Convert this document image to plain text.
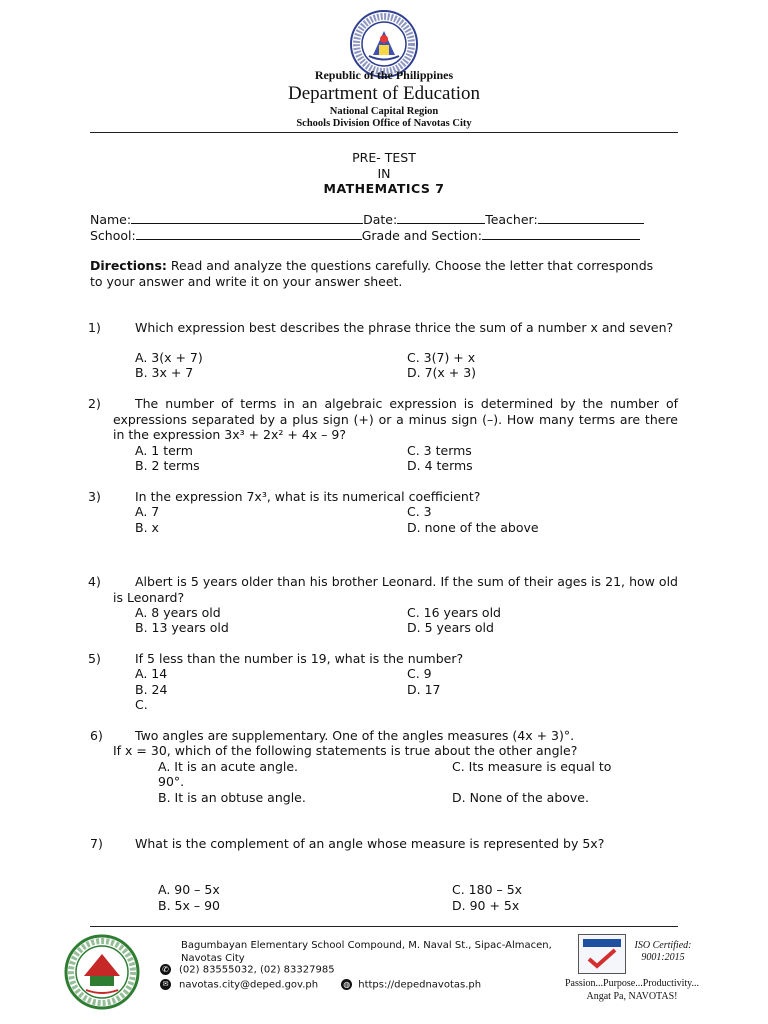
Republic of the Philippines
Department of Education
National Capital Region
Schools Division Office of Navotas City
PRE- TEST
IN
MATHEMATICS 7
Name:	Date:	Teacher:
School:	Grade and Section:
Directions: Read and analyze the questions carefully. Choose the letter that corresponds to your answer and write it on your answer sheet.
1)	Which expression best describes the phrase thrice the sum of a number x and seven?
A. 3(x + 7)
B. 3x + 7
C. 3(7) + x
D. 7(x + 3)
2)	The number of terms in an algebraic expression is determined by the number of expressions separated by a plus sign (+) or a minus sign (–). How many terms are there in the expression 3x³ + 2x² + 4x – 9?
A. 1 term
B. 2 terms
C. 3 terms
D. 4 terms
3)	In the expression 7x³, what is its numerical coefficient?
A. 7
B. x
C. 3
D. none of the above
4)	Albert is 5 years older than his brother Leonard. If the sum of their ages is 21, how old is Leonard?
A. 8 years old
B. 13 years old
C. 16 years old
D. 5 years old
5)	If 5 less than the number is 19, what is the number?
A. 14
B. 24
C.
C. 9
D. 17
6)	Two angles are supplementary. One of the angles measures (4x + 3)°.
If x = 30, which of the following statements is true about the other angle?
A. It is an acute angle.
B. It is an obtuse angle.
C. Its measure is equal to
90°.
D. None of the above.
7)	What is the complement of an angle whose measure is represented by 5x?
A. 90 – 5x
B. 5x – 90
C. 180 – 5x
D. 90 + 5x
Bagumbayan Elementary School Compound, M. Naval St., Sipac-Almacen, Navotas City
✆ (02) 83555032, (02) 83327985
✉ navotas.city@deped.gov.ph	◍ https://depednavotas.ph
ISO Certified:
9001:2015
Passion...Purpose...Productivity...
Angat Pa, NAVOTAS!
